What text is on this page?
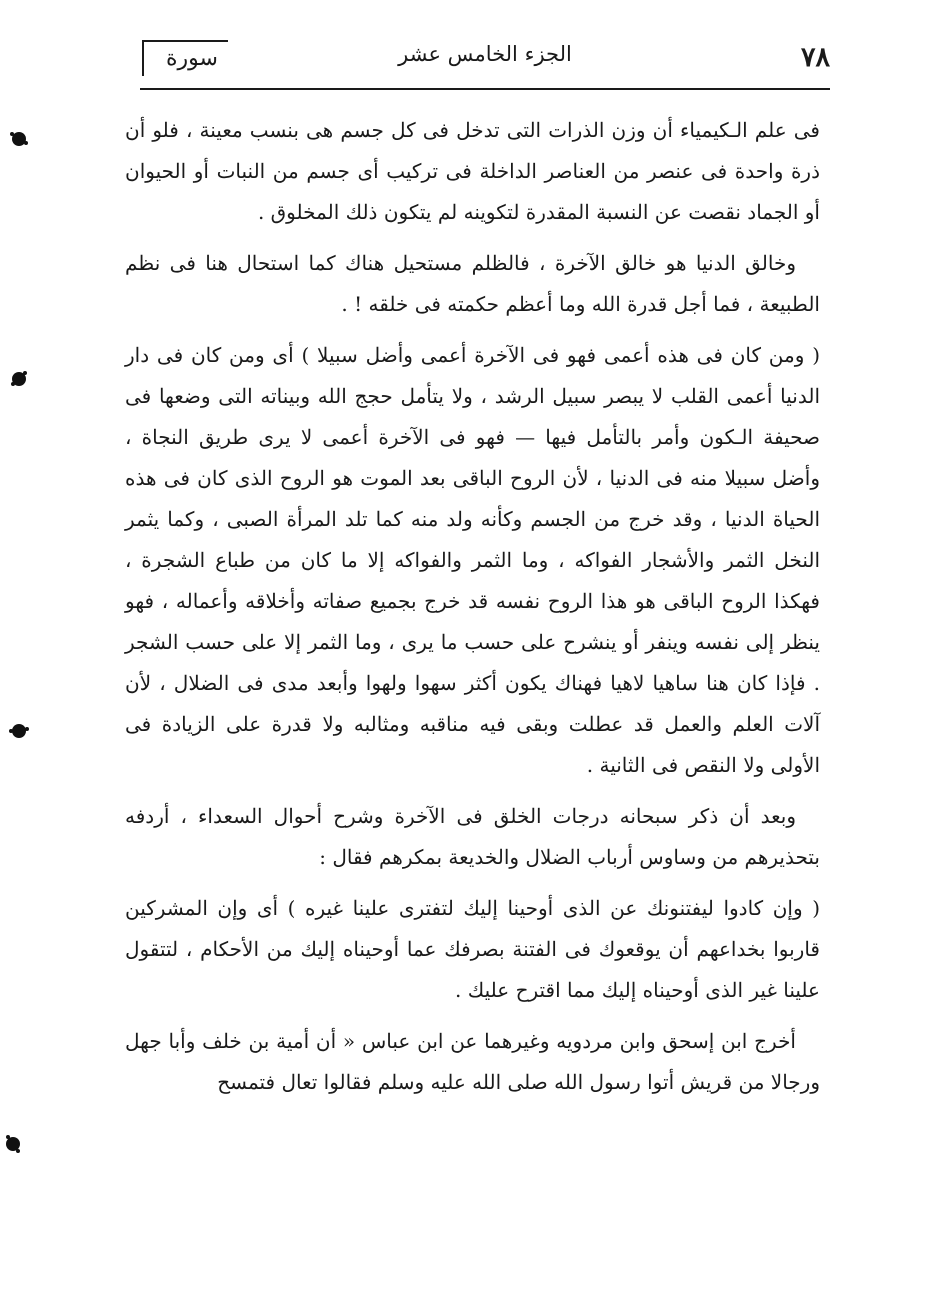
٧٨
الجزء الخامس عشر
سورة

فى علم الـكيمياء أن وزن الذرات التى تدخل فى كل جسم هى بنسب معينة ، فلو أن ذرة واحدة فى عنصر من العناصر الداخلة فى تركيب أى جسم من النبات أو الحيوان أو الجماد نقصت عن النسبة المقدرة لتكوينه لم يتكون ذلك المخلوق .

وخالق الدنيا هو خالق الآخرة ، فالظلم مستحيل هناك كما استحال هنا فى نظم الطبيعة ، فما أجل قدرة الله وما أعظم حكمته فى خلقه ! .

( ومن كان فى هذه أعمى فهو فى الآخرة أعمى وأضل سبيلا ) أى ومن كان فى دار الدنيا أعمى القلب لا يبصر سبيل الرشد ، ولا يتأمل حجج الله وبيناته التى وضعها فى صحيفة الـكون وأمر بالتأمل فيها — فهو فى الآخرة أعمى لا يرى طريق النجاة ، وأضل سبيلا منه فى الدنيا ، لأن الروح الباقى بعد الموت هو الروح الذى كان فى هذه الحياة الدنيا ، وقد خرج من الجسم وكأنه ولد منه كما تلد المرأة الصبى ، وكما يثمر النخل الثمر والأشجار الفواكه ، وما الثمر والفواكه إلا ما كان من طباع الشجرة ، فهكذا الروح الباقى هو هذا الروح نفسه قد خرج بجميع صفاته وأخلاقه وأعماله ، فهو ينظر إلى نفسه وينفر أو ينشرح على حسب ما يرى ، وما الثمر إلا على حسب الشجر . فإذا كان هنا ساهيا لاهيا فهناك يكون أكثر سهوا ولهوا وأبعد مدى فى الضلال ، لأن آلات العلم والعمل قد عطلت وبقى فيه مناقبه ومثالبه ولا قدرة على الزيادة فى الأولى ولا النقص فى الثانية .

وبعد أن ذكر سبحانه درجات الخلق فى الآخرة وشرح أحوال السعداء ، أردفه بتحذيرهم من وساوس أرباب الضلال والخديعة بمكرهم فقال :

( وإن كادوا ليفتنونك عن الذى أوحينا إليك لتفترى علينا غيره ) أى وإن المشركين قاربوا بخداعهم أن يوقعوك فى الفتنة بصرفك عما أوحيناه إليك من الأحكام ، لتتقول علينا غير الذى أوحيناه إليك مما اقترح عليك .

أخرج ابن إسحق وابن مردويه وغيرهما عن ابن عباس « أن أمية بن خلف وأبا جهل ورجالا من قريش أتوا رسول الله صلى الله عليه وسلم فقالوا تعال فتمسح
